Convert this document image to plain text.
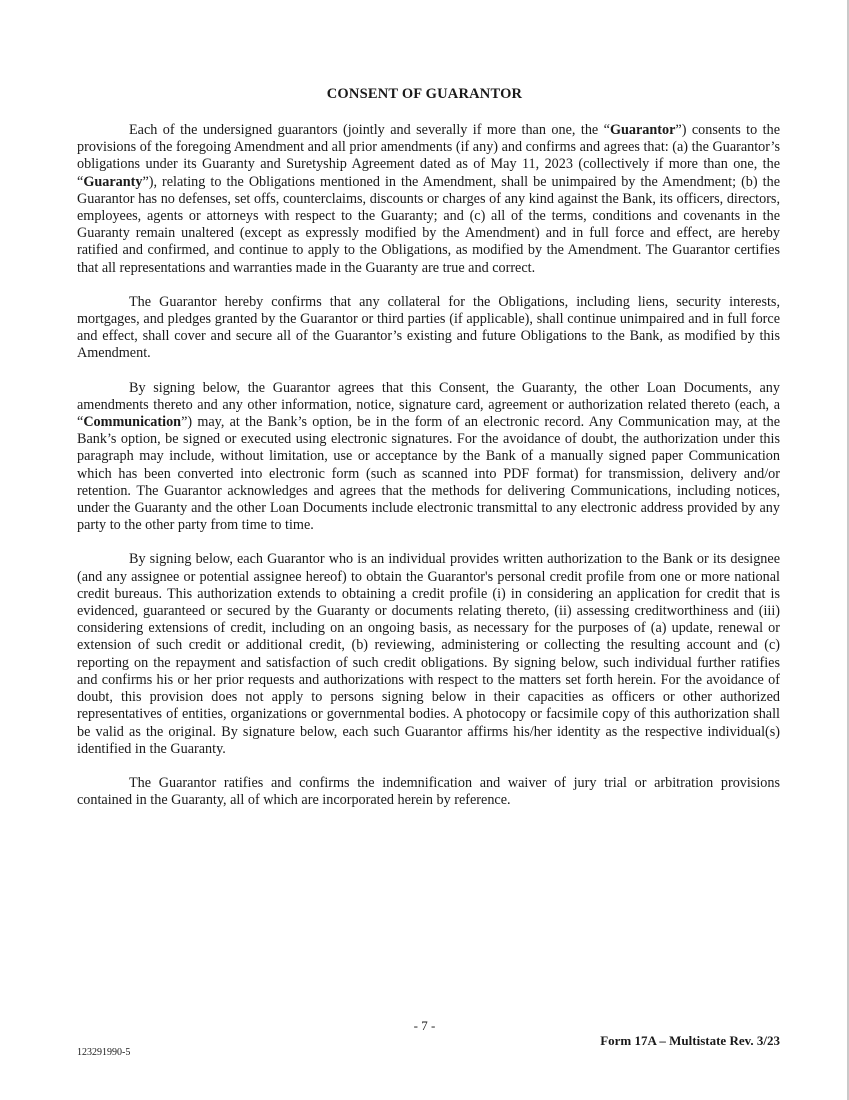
CONSENT OF GUARANTOR

Each of the undersigned guarantors (jointly and severally if more than one, the “Guarantor”) consents to the provisions of the foregoing Amendment and all prior amendments (if any) and confirms and agrees that: (a) the Guarantor’s obligations under its Guaranty and Suretyship Agreement dated as of May 11, 2023 (collectively if more than one, the “Guaranty”), relating to the Obligations mentioned in the Amendment, shall be unimpaired by the Amendment; (b) the Guarantor has no defenses, set offs, counterclaims, discounts or charges of any kind against the Bank, its officers, directors, employees, agents or attorneys with respect to the Guaranty; and (c) all of the terms, conditions and covenants in the Guaranty remain unaltered (except as expressly modified by the Amendment) and in full force and effect, are hereby ratified and confirmed, and continue to apply to the Obligations, as modified by the Amendment. The Guarantor certifies that all representations and warranties made in the Guaranty are true and correct.

The Guarantor hereby confirms that any collateral for the Obligations, including liens, security interests, mortgages, and pledges granted by the Guarantor or third parties (if applicable), shall continue unimpaired and in full force and effect, shall cover and secure all of the Guarantor’s existing and future Obligations to the Bank, as modified by this Amendment.

By signing below, the Guarantor agrees that this Consent, the Guaranty, the other Loan Documents, any amendments thereto and any other information, notice, signature card, agreement or authorization related thereto (each, a “Communication”) may, at the Bank’s option, be in the form of an electronic record. Any Communication may, at the Bank’s option, be signed or executed using electronic signatures. For the avoidance of doubt, the authorization under this paragraph may include, without limitation, use or acceptance by the Bank of a manually signed paper Communication which has been converted into electronic form (such as scanned into PDF format) for transmission, delivery and/or retention. The Guarantor acknowledges and agrees that the methods for delivering Communications, including notices, under the Guaranty and the other Loan Documents include electronic transmittal to any electronic address provided by any party to the other party from time to time.

By signing below, each Guarantor who is an individual provides written authorization to the Bank or its designee (and any assignee or potential assignee hereof) to obtain the Guarantor's personal credit profile from one or more national credit bureaus. This authorization extends to obtaining a credit profile (i) in considering an application for credit that is evidenced, guaranteed or secured by the Guaranty or documents relating thereto, (ii) assessing creditworthiness and (iii) considering extensions of credit, including on an ongoing basis, as necessary for the purposes of (a) update, renewal or extension of such credit or additional credit, (b) reviewing, administering or collecting the resulting account and (c) reporting on the repayment and satisfaction of such credit obligations. By signing below, such individual further ratifies and confirms his or her prior requests and authorizations with respect to the matters set forth herein. For the avoidance of doubt, this provision does not apply to persons signing below in their capacities as officers or other authorized representatives of entities, organizations or governmental bodies. A photocopy or facsimile copy of this authorization shall be valid as the original. By signature below, each such Guarantor affirms his/her identity as the respective individual(s) identified in the Guaranty.

The Guarantor ratifies and confirms the indemnification and waiver of jury trial or arbitration provisions contained in the Guaranty, all of which are incorporated herein by reference.

- 7 -
Form 17A – Multistate Rev. 3/23
123291990-5
